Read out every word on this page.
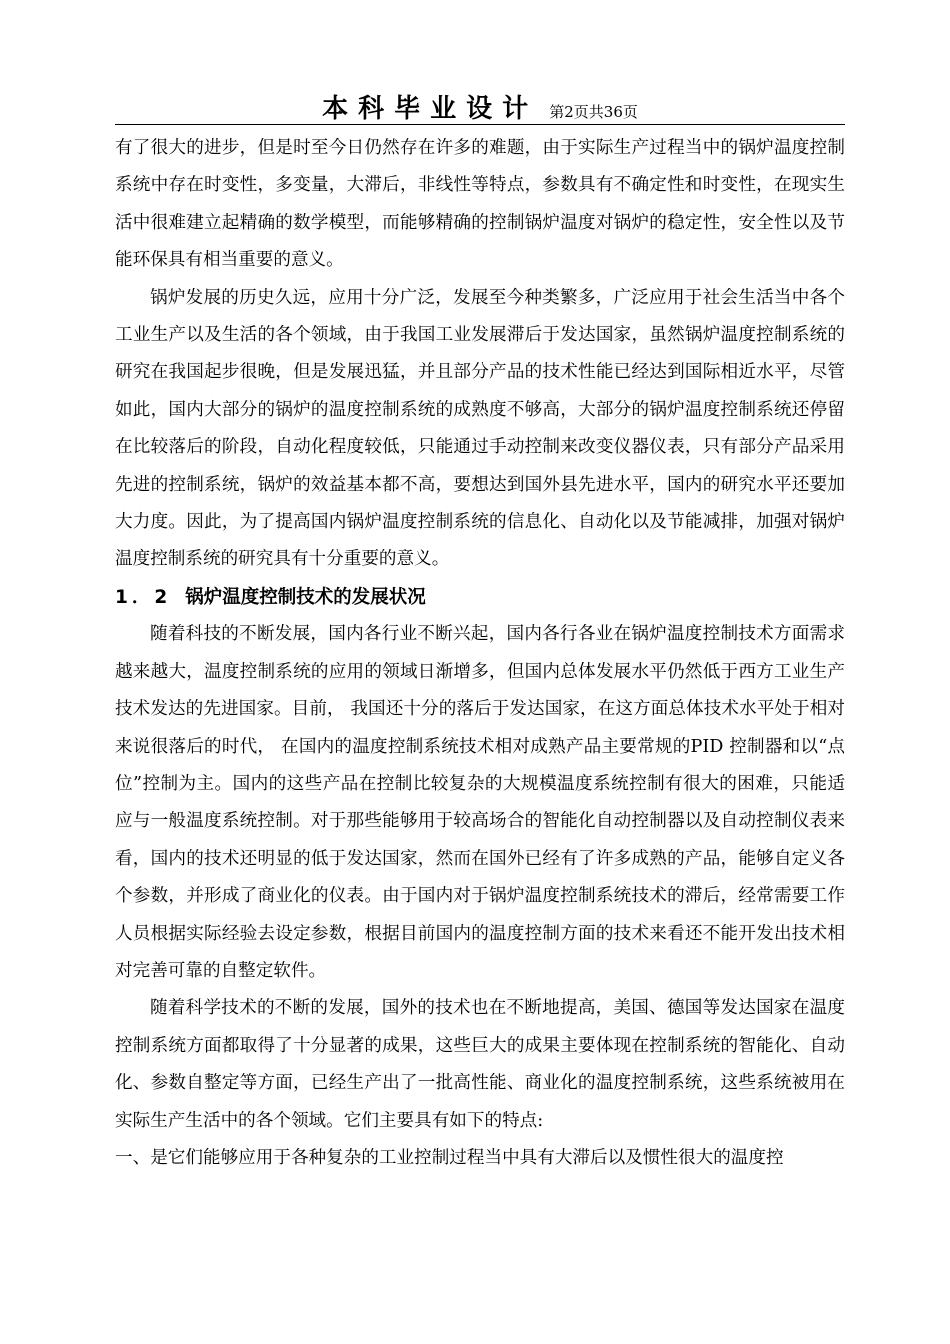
本科毕业设计 第2页共36页

有了很大的进步，但是时至今日仍然存在许多的难题，由于实际生产过程当中的锅炉温度控制系统中存在时变性，多变量，大滞后，非线性等特点，参数具有不确定性和时变性，在现实生活中很难建立起精确的数学模型，而能够精确的控制锅炉温度对锅炉的稳定性，安全性以及节能环保具有相当重要的意义。

锅炉发展的历史久远，应用十分广泛，发展至今种类繁多，广泛应用于社会生活当中各个工业生产以及生活的各个领域，由于我国工业发展滞后于发达国家，虽然锅炉温度控制系统的研究在我国起步很晚，但是发展迅猛，并且部分产品的技术性能已经达到国际相近水平，尽管如此，国内大部分的锅炉的温度控制系统的成熟度不够高，大部分的锅炉温度控制系统还停留在比较落后的阶段，自动化程度较低，只能通过手动控制来改变仪器仪表，只有部分产品采用先进的控制系统，锅炉的效益基本都不高，要想达到国外县先进水平，国内的研究水平还要加大力度。因此，为了提高国内锅炉温度控制系统的信息化、自动化以及节能减排，加强对锅炉温度控制系统的研究具有十分重要的意义。

1．2 锅炉温度控制技术的发展状况

随着科技的不断发展，国内各行业不断兴起，国内各行各业在锅炉温度控制技术方面需求越来越大，温度控制系统的应用的领域日渐增多，但国内总体发展水平仍然低于西方工业生产技术发达的先进国家。目前， 我国还十分的落后于发达国家，在这方面总体技术水平处于相对来说很落后的时代， 在国内的温度控制系统技术相对成熟产品主要常规的PID 控制器和以“点位”控制为主。国内的这些产品在控制比较复杂的大规模温度系统控制有很大的困难，只能适应与一般温度系统控制。对于那些能够用于较高场合的智能化自动控制器以及自动控制仪表来看，国内的技术还明显的低于发达国家，然而在国外已经有了许多成熟的产品，能够自定义各个参数，并形成了商业化的仪表。由于国内对于锅炉温度控制系统技术的滞后，经常需要工作人员根据实际经验去设定参数，根据目前国内的温度控制方面的技术来看还不能开发出技术相对完善可靠的自整定软件。

随着科学技术的不断的发展，国外的技术也在不断地提高，美国、德国等发达国家在温度控制系统方面都取得了十分显著的成果，这些巨大的成果主要体现在控制系统的智能化、自动化、参数自整定等方面，已经生产出了一批高性能、商业化的温度控制系统，这些系统被用在实际生产生活中的各个领域。它们主要具有如下的特点:

一、是它们能够应用于各种复杂的工业控制过程当中具有大滞后以及惯性很大的温度控
